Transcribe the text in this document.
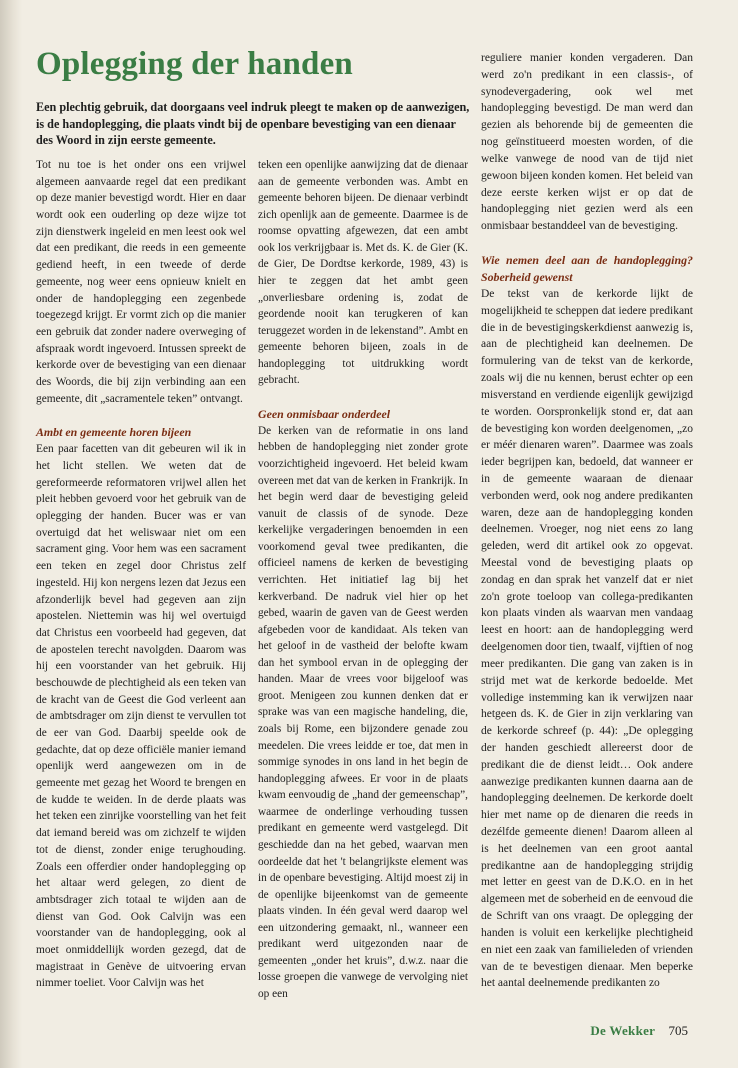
Oplegging der handen

Een plechtig gebruik, dat doorgaans veel indruk pleegt te maken op de aanwezigen, is de handoplegging, die plaats vindt bij de openbare bevestiging van een dienaar des Woord in zijn eerste gemeente.

Tot nu toe is het onder ons een vrijwel algemeen aanvaarde regel dat een predikant op deze manier bevestigd wordt. Hier en daar wordt ook een ouderling op deze wijze tot zijn dienstwerk ingeleid en men leest ook wel dat een predikant, die reeds in een gemeente gediend heeft, in een tweede of derde gemeente, nog weer eens opnieuw knielt en onder de handoplegging een zegenbede toegezegd krijgt. Er vormt zich op die manier een gebruik dat zonder nadere overweging of afspraak wordt ingevoerd. Intussen spreekt de kerkorde over de bevestiging van een dienaar des Woords, die bij zijn verbinding aan een gemeente, dit „sacramentele teken” ontvangt.

Ambt en gemeente horen bijeen

Een paar facetten van dit gebeuren wil ik in het licht stellen. We weten dat de gereformeerde reformatoren vrijwel allen het pleit hebben gevoerd voor het gebruik van de oplegging der handen. Bucer was er van overtuigd dat het weliswaar niet om een sacrament ging. Voor hem was een sacrament een teken en zegel door Christus zelf ingesteld. Hij kon nergens lezen dat Jezus een afzonderlijk bevel had gegeven aan zijn apostelen. Niettemin was hij wel overtuigd dat Christus een voorbeeld had gegeven, dat de apostelen terecht navolgden. Daarom was hij een voorstander van het gebruik. Hij beschouwde de plechtigheid als een teken van de kracht van de Geest die God verleent aan de ambtsdrager om zijn dienst te vervullen tot de eer van God. Daarbij speelde ook de gedachte, dat op deze officiële manier iemand openlijk werd aangewezen om in de gemeente met gezag het Woord te brengen en de kudde te weiden. In de derde plaats was het teken een zinrijke voorstelling van het feit dat iemand bereid was om zichzelf te wijden tot de dienst, zonder enige terughouding. Zoals een offerdier onder handoplegging op het altaar werd gelegen, zo dient de ambtsdrager zich totaal te wijden aan de dienst van God. Ook Calvijn was een voorstander van de handoplegging, ook al moet onmiddellijk worden gezegd, dat de magistraat in Genève de uitvoering ervan nimmer toeliet. Voor Calvijn was het

teken een openlijke aanwijzing dat de dienaar aan de gemeente verbonden was. Ambt en gemeente behoren bijeen. De dienaar verbindt zich openlijk aan de gemeente. Daarmee is de roomse opvatting afgewezen, dat een ambt ook los verkrijgbaar is. Met ds. K. de Gier (K. de Gier, De Dordtse kerkorde, 1989, 43) is hier te zeggen dat het ambt geen „onverliesbare ordening is, zodat de geordende nooit kan terugkeren of kan teruggezet worden in de lekenstand”. Ambt en gemeente behoren bijeen, zoals in de handoplegging tot uitdrukking wordt gebracht.

Geen onmisbaar onderdeel

De kerken van de reformatie in ons land hebben de handoplegging niet zonder grote voorzichtigheid ingevoerd. Het beleid kwam overeen met dat van de kerken in Frankrijk. In het begin werd daar de bevestiging geleid vanuit de classis of de synode. Deze kerkelijke vergaderingen benoemden in een voorkomend geval twee predikanten, die officieel namens de kerken de bevestiging verrichten. Het initiatief lag bij het kerkverband. De nadruk viel hier op het gebed, waarin de gaven van de Geest werden afgebeden voor de kandidaat. Als teken van het geloof in de vastheid der belofte kwam dan het symbool ervan in de oplegging der handen. Maar de vrees voor bijgeloof was groot. Menigeen zou kunnen denken dat er sprake was van een magische handeling, die, zoals bij Rome, een bijzondere genade zou meedelen. Die vrees leidde er toe, dat men in sommige synodes in ons land in het begin de handoplegging afwees. Er voor in de plaats kwam eenvoudig de „hand der gemeenschap”, waarmee de onderlinge verhouding tussen predikant en gemeente werd vastgelegd. Dit geschiedde dan na het gebed, waarvan men oordeelde dat het 't belangrijkste element was in de openbare bevestiging. Altijd moest zij in de openlijke bijeenkomst van de gemeente plaats vinden. In één geval werd daarop wel een uitzondering gemaakt, nl., wanneer een predikant werd uitgezonden naar de gemeenten „onder het kruis”, d.w.z. naar die losse groepen die vanwege de vervolging niet op een

reguliere manier konden vergaderen. Dan werd zo'n predikant in een classis-, of synodevergadering, ook wel met handoplegging bevestigd. De man werd dan gezien als behorende bij de gemeenten die nog geïnstitueerd moesten worden, of die welke vanwege de nood van de tijd niet gewoon bijeen konden komen. Het beleid van deze eerste kerken wijst er op dat de handoplegging niet gezien werd als een onmisbaar bestanddeel van de bevestiging.

Wie nemen deel aan de handoplegging? Soberheid gewenst

De tekst van de kerkorde lijkt de mogelijkheid te scheppen dat iedere predikant die in de bevestigingskerkdienst aanwezig is, aan de plechtigheid kan deelnemen. De formulering van de tekst van de kerkorde, zoals wij die nu kennen, berust echter op een misverstand en verdiende eigenlijk gewijzigd te worden. Oorspronkelijk stond er, dat aan de bevestiging kon worden deelgenomen, „zo er méér dienaren waren”. Daarmee was zoals ieder begrijpen kan, bedoeld, dat wanneer er in de gemeente waaraan de dienaar verbonden werd, ook nog andere predikanten waren, deze aan de handoplegging konden deelnemen. Vroeger, nog niet eens zo lang geleden, werd dit artikel ook zo opgevat. Meestal vond de bevestiging plaats op zondag en dan sprak het vanzelf dat er niet zo'n grote toeloop van collega-predikanten kon plaats vinden als waarvan men vandaag leest en hoort: aan de handoplegging werd deelgenomen door tien, twaalf, vijftien of nog meer predikanten. Die gang van zaken is in strijd met wat de kerkorde bedoelde. Met volledige instemming kan ik verwijzen naar hetgeen ds. K. de Gier in zijn verklaring van de kerkorde schreef (p. 44): „De oplegging der handen geschiedt allereerst door de predikant die de dienst leidt… Ook andere aanwezige predikanten kunnen daarna aan de handoplegging deelnemen. De kerkorde doelt hier met name op de dienaren die reeds in dezélfde gemeente dienen! Daarom alleen al is het deelnemen van een groot aantal predikantne aan de handoplegging strijdig met letter en geest van de D.K.O. en in het algemeen met de soberheid en de eenvoud die de Schrift van ons vraagt. De oplegging der handen is voluit een kerkelijke plechtigheid en niet een zaak van familieleden of vrienden van de te bevestigen dienaar. Men beperke het aantal deelnemende predikanten zo

De Wekker 705
